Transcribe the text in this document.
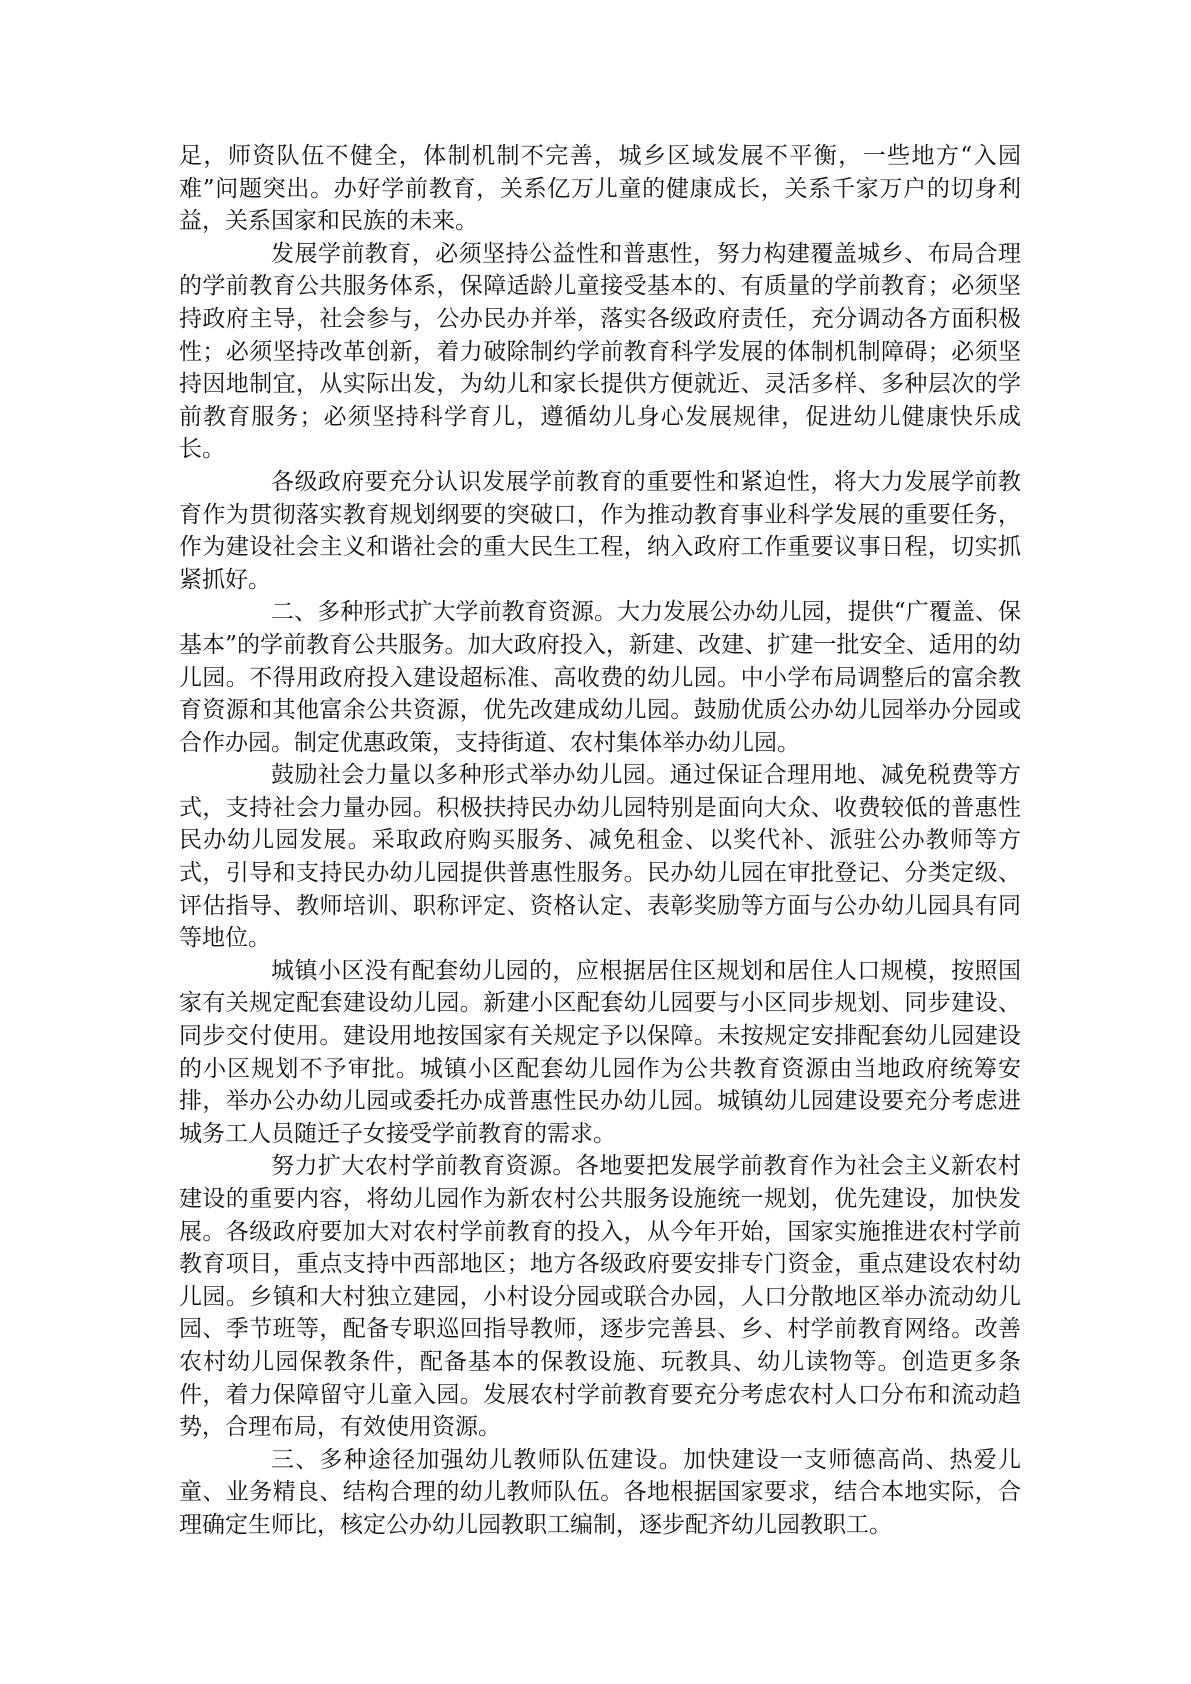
足，师资队伍不健全，体制机制不完善，城乡区域发展不平衡，一些地方“入园难”问题突出。办好学前教育，关系亿万儿童的健康成长，关系千家万户的切身利益，关系国家和民族的未来。

发展学前教育，必须坚持公益性和普惠性，努力构建覆盖城乡、布局合理的学前教育公共服务体系，保障适龄儿童接受基本的、有质量的学前教育；必须坚持政府主导，社会参与，公办民办并举，落实各级政府责任，充分调动各方面积极性；必须坚持改革创新，着力破除制约学前教育科学发展的体制机制障碍；必须坚持因地制宜，从实际出发，为幼儿和家长提供方便就近、灵活多样、多种层次的学前教育服务；必须坚持科学育儿，遵循幼儿身心发展规律，促进幼儿健康快乐成长。

各级政府要充分认识发展学前教育的重要性和紧迫性，将大力发展学前教育作为贯彻落实教育规划纲要的突破口，作为推动教育事业科学发展的重要任务，作为建设社会主义和谐社会的重大民生工程，纳入政府工作重要议事日程，切实抓紧抓好。

二、多种形式扩大学前教育资源。大力发展公办幼儿园，提供“广覆盖、保基本”的学前教育公共服务。加大政府投入，新建、改建、扩建一批安全、适用的幼儿园。不得用政府投入建设超标准、高收费的幼儿园。中小学布局调整后的富余教育资源和其他富余公共资源，优先改建成幼儿园。鼓励优质公办幼儿园举办分园或合作办园。制定优惠政策，支持街道、农村集体举办幼儿园。

鼓励社会力量以多种形式举办幼儿园。通过保证合理用地、减免税费等方式，支持社会力量办园。积极扶持民办幼儿园特别是面向大众、收费较低的普惠性民办幼儿园发展。采取政府购买服务、减免租金、以奖代补、派驻公办教师等方式，引导和支持民办幼儿园提供普惠性服务。民办幼儿园在审批登记、分类定级、评估指导、教师培训、职称评定、资格认定、表彰奖励等方面与公办幼儿园具有同等地位。

城镇小区没有配套幼儿园的，应根据居住区规划和居住人口规模，按照国家有关规定配套建设幼儿园。新建小区配套幼儿园要与小区同步规划、同步建设、同步交付使用。建设用地按国家有关规定予以保障。未按规定安排配套幼儿园建设的小区规划不予审批。城镇小区配套幼儿园作为公共教育资源由当地政府统筹安排，举办公办幼儿园或委托办成普惠性民办幼儿园。城镇幼儿园建设要充分考虑进城务工人员随迁子女接受学前教育的需求。

努力扩大农村学前教育资源。各地要把发展学前教育作为社会主义新农村建设的重要内容，将幼儿园作为新农村公共服务设施统一规划，优先建设，加快发展。各级政府要加大对农村学前教育的投入，从今年开始，国家实施推进农村学前教育项目，重点支持中西部地区；地方各级政府要安排专门资金，重点建设农村幼儿园。乡镇和大村独立建园，小村设分园或联合办园，人口分散地区举办流动幼儿园、季节班等，配备专职巡回指导教师，逐步完善县、乡、村学前教育网络。改善农村幼儿园保教条件，配备基本的保教设施、玩教具、幼儿读物等。创造更多条件，着力保障留守儿童入园。发展农村学前教育要充分考虑农村人口分布和流动趋势，合理布局，有效使用资源。

三、多种途径加强幼儿教师队伍建设。加快建设一支师德高尚、热爱儿童、业务精良、结构合理的幼儿教师队伍。各地根据国家要求，结合本地实际，合理确定生师比，核定公办幼儿园教职工编制，逐步配齐幼儿园教职工。
